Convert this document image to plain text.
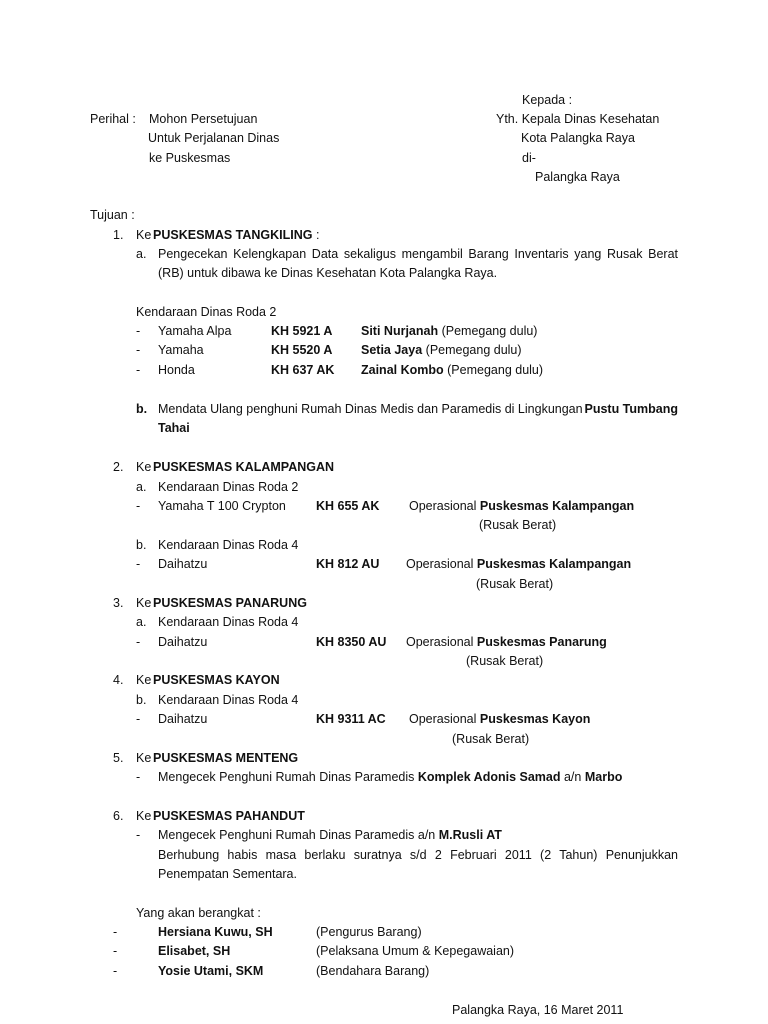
Kepada :
Yth. Kepala Dinas Kesehatan
Kota Palangka Raya
di-
Palangka Raya
Perihal : Mohon Persetujuan
Untuk Perjalanan Dinas
ke Puskesmas
Tujuan :
1. Ke PUSKESMAS TANGKILING :
a. Pengecekan Kelengkapan Data sekaligus mengambil Barang Inventaris yang Rusak Berat
(RB) untuk dibawa ke Dinas Kesehatan Kota Palangka Raya.
Kendaraan Dinas Roda 2
- Yamaha Alpa	KH 5921 A Siti Nurjanah (Pemegang dulu)
- Yamaha	KH 5520 A Setia Jaya (Pemegang dulu)
- Honda	KH 637 AK Zainal Kombo (Pemegang dulu)
b. Mendata Ulang penghuni Rumah Dinas Medis dan Paramedis di Lingkungan Pustu Tumbang
Tahai
2. Ke PUSKESMAS KALAMPANGAN
a. Kendaraan Dinas Roda 2
- Yamaha T 100 Crypton KH 655 AK Operasional Puskesmas Kalampangan
(Rusak Berat)
b. Kendaraan Dinas Roda 4
- Daihatzu	KH 812 AU Operasional Puskesmas Kalampangan
(Rusak Berat)
3. Ke PUSKESMAS PANARUNG
a. Kendaraan Dinas Roda 4
- Daihatzu	KH 8350 AU Operasional Puskesmas Panarung
(Rusak Berat)
4. Ke PUSKESMAS KAYON
b. Kendaraan Dinas Roda 4
- Daihatzu	KH 9311 AC Operasional Puskesmas Kayon
(Rusak Berat)
5. Ke PUSKESMAS MENTENG
- Mengecek Penghuni Rumah Dinas Paramedis Komplek Adonis Samad a/n Marbo
6. Ke PUSKESMAS PAHANDUT
- Mengecek Penghuni Rumah Dinas Paramedis a/n M.Rusli AT
Berhubung habis masa berlaku suratnya s/d 2 Februari 2011 (2 Tahun) Penunjukkan
Penempatan Sementara.
Yang akan berangkat :
-	Hersiana Kuwu, SH	(Pengurus Barang)
-	Elisabet, SH	(Pelaksana Umum & Kepegawaian)
-	Yosie Utami, SKM	(Bendahara Barang)
Palangka Raya, 16 Maret 2011
